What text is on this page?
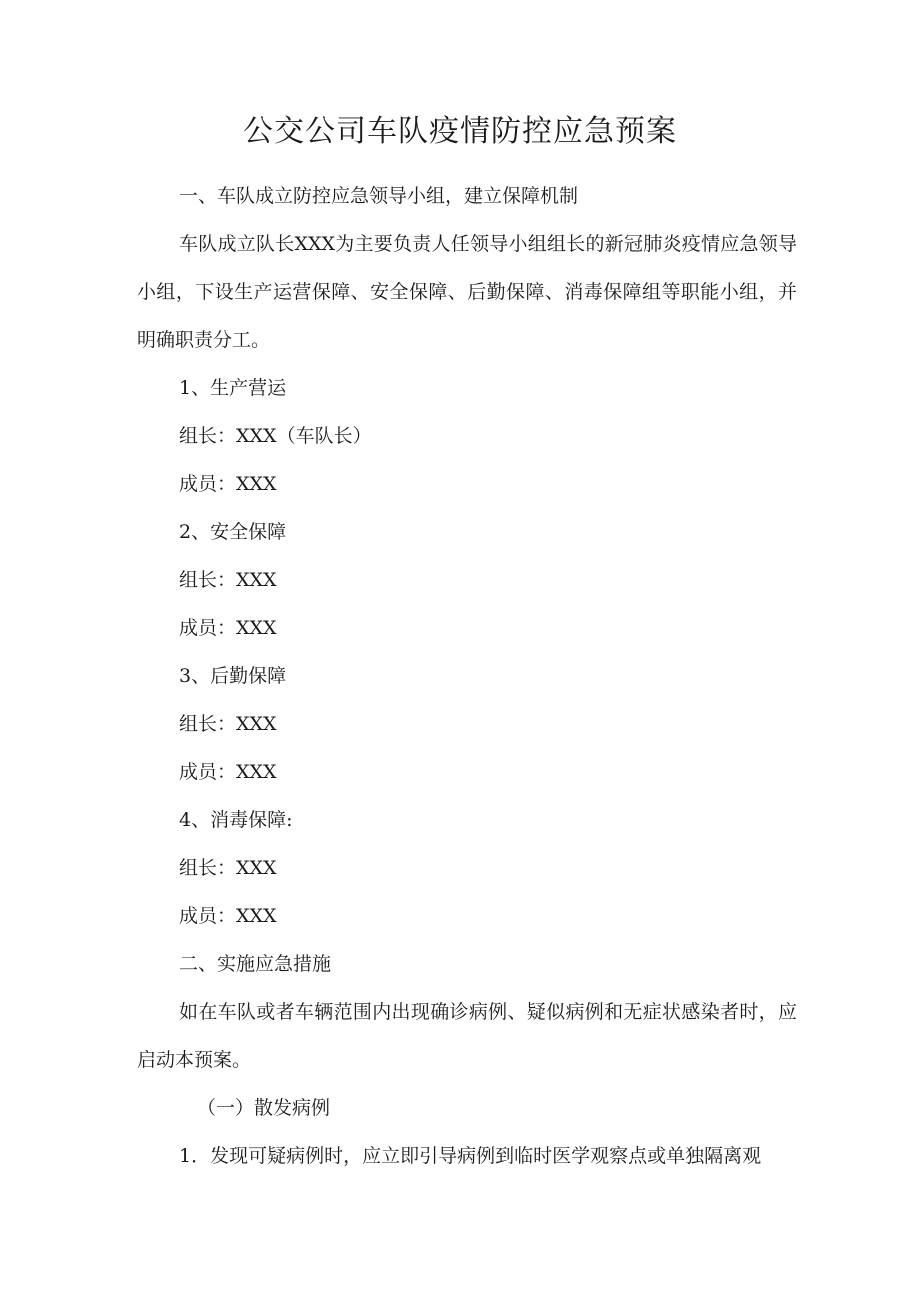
公交公司车队疫情防控应急预案

一、车队成立防控应急领导小组，建立保障机制

车队成立队长XXX为主要负责人任领导小组组长的新冠肺炎疫情应急领导小组，下设生产运营保障、安全保障、后勤保障、消毒保障组等职能小组，并明确职责分工。

1、生产营运

组长：XXX（车队长）

成员：XXX

2、安全保障

组长：XXX

成员：XXX

3、后勤保障

组长：XXX

成员：XXX

4、消毒保障:

组长：XXX

成员：XXX

二、实施应急措施

如在车队或者车辆范围内出现确诊病例、疑似病例和无症状感染者时，应启动本预案。

（一）散发病例

1．发现可疑病例时，应立即引导病例到临时医学观察点或单独隔离观
